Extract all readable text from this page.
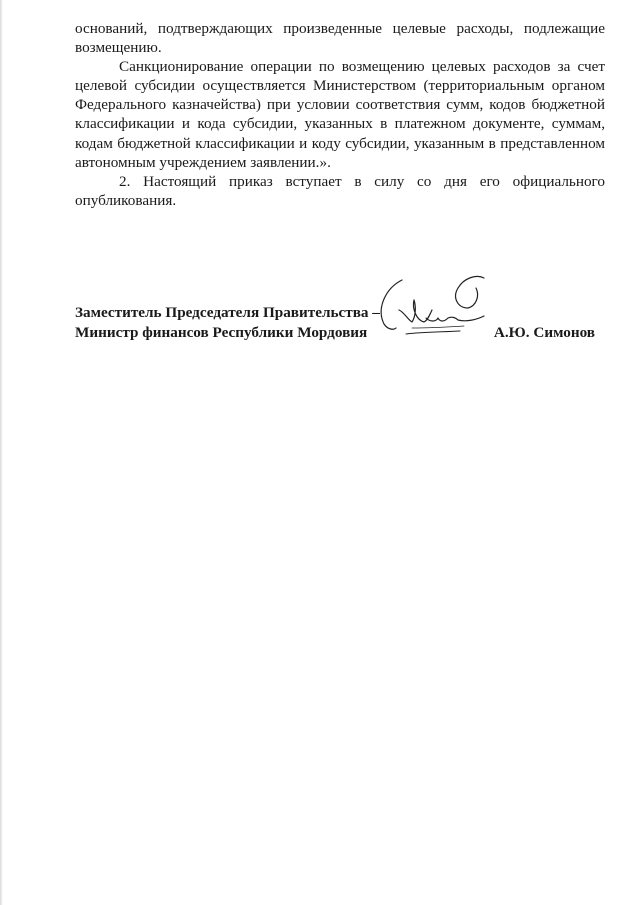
оснований, подтверждающих произведенные целевые расходы, подлежащие возмещению.

Санкционирование операции по возмещению целевых расходов за счет целевой субсидии осуществляется Министерством (территориальным органом Федерального казначейства) при условии соответствия сумм, кодов бюджетной классификации и кода субсидии, указанных в платежном документе, суммам, кодам бюджетной классификации и коду субсидии, указанным в представленном автономным учреждением заявлении.».

2. Настоящий приказ вступает в силу со дня его официального опубликования.

Заместитель Председателя Правительства –
Министр финансов Республики Мордовия	А.Ю. Симонов
